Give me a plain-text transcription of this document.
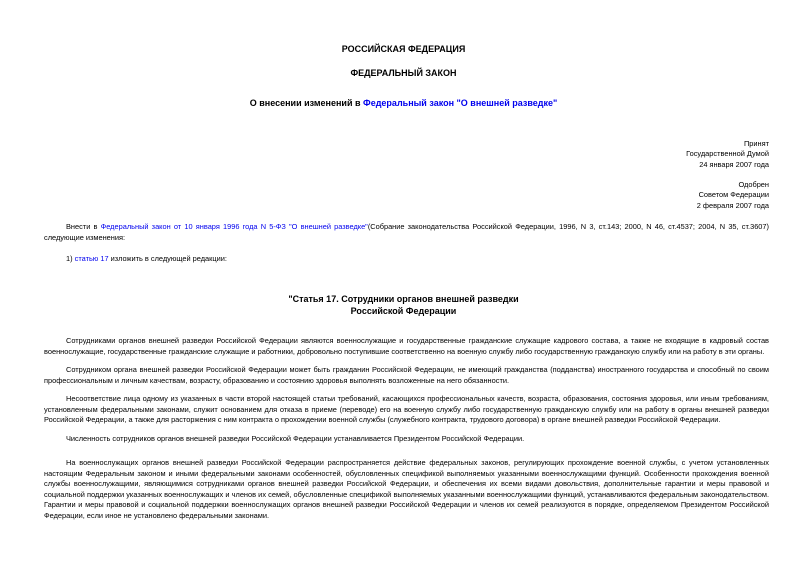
РОССИЙСКАЯ ФЕДЕРАЦИЯ
ФЕДЕРАЛЬНЫЙ ЗАКОН
О внесении изменений в Федеральный закон "О внешней разведке"
Принят
Государственной Думой
24 января 2007 года
Одобрен
Советом Федерации
2 февраля 2007 года
Внести в Федеральный закон от 10 января 1996 года N 5-ФЗ "О внешней разведке"(Собрание законодательства Российской Федерации, 1996, N 3, ст.143; 2000, N 46, ст.4537; 2004, N 35, ст.3607) следующие изменения:
1) статью 17 изложить в следующей редакции:
"Статья 17. Сотрудники органов внешней разведки
Российской Федерации
Сотрудниками органов внешней разведки Российской Федерации являются военнослужащие и государственные гражданские служащие кадрового состава, а также не входящие в кадровый состав военнослужащие, государственные гражданские служащие и работники, добровольно поступившие соответственно на военную службу либо государственную гражданскую службу или на работу в эти органы.
Сотрудником органа внешней разведки Российской Федерации может быть гражданин Российской Федерации, не имеющий гражданства (подданства) иностранного государства и способный по своим профессиональным и личным качествам, возрасту, образованию и состоянию здоровья выполнять возложенные на него обязанности.
Несоответствие лица одному из указанных в части второй настоящей статьи требований, касающихся профессиональных качеств, возраста, образования, состояния здоровья, или иным требованиям, установленным федеральными законами, служит основанием для отказа в приеме (переводе) его на военную службу либо государственную гражданскую службу или на работу в органы внешней разведки Российской Федерации, а также для расторжения с ним контракта о прохождении военной службы (служебного контракта, трудового договора) в органе внешней разведки Российской Федерации.
Численность сотрудников органов внешней разведки Российской Федерации устанавливается Президентом Российской Федерации.
На военнослужащих органов внешней разведки Российской Федерации распространяется действие федеральных законов, регулирующих прохождение военной службы, с учетом установленных настоящим Федеральным законом и иными федеральными законами особенностей, обусловленных спецификой выполняемых указанными военнослужащими функций. Особенности прохождения военной службы военнослужащими, являющимися сотрудниками органов внешней разведки Российской Федерации, и обеспечения их всеми видами довольствия, дополнительные гарантии и меры правовой и социальной поддержки указанных военнослужащих и членов их семей, обусловленные спецификой выполняемых указанными военнослужащими функций, устанавливаются федеральным законодательством. Гарантии и меры правовой и социальной поддержки военнослужащих органов внешней разведки Российской Федерации и членов их семей реализуются в порядке, определяемом Президентом Российской Федерации, если иное не установлено федеральными законами.
